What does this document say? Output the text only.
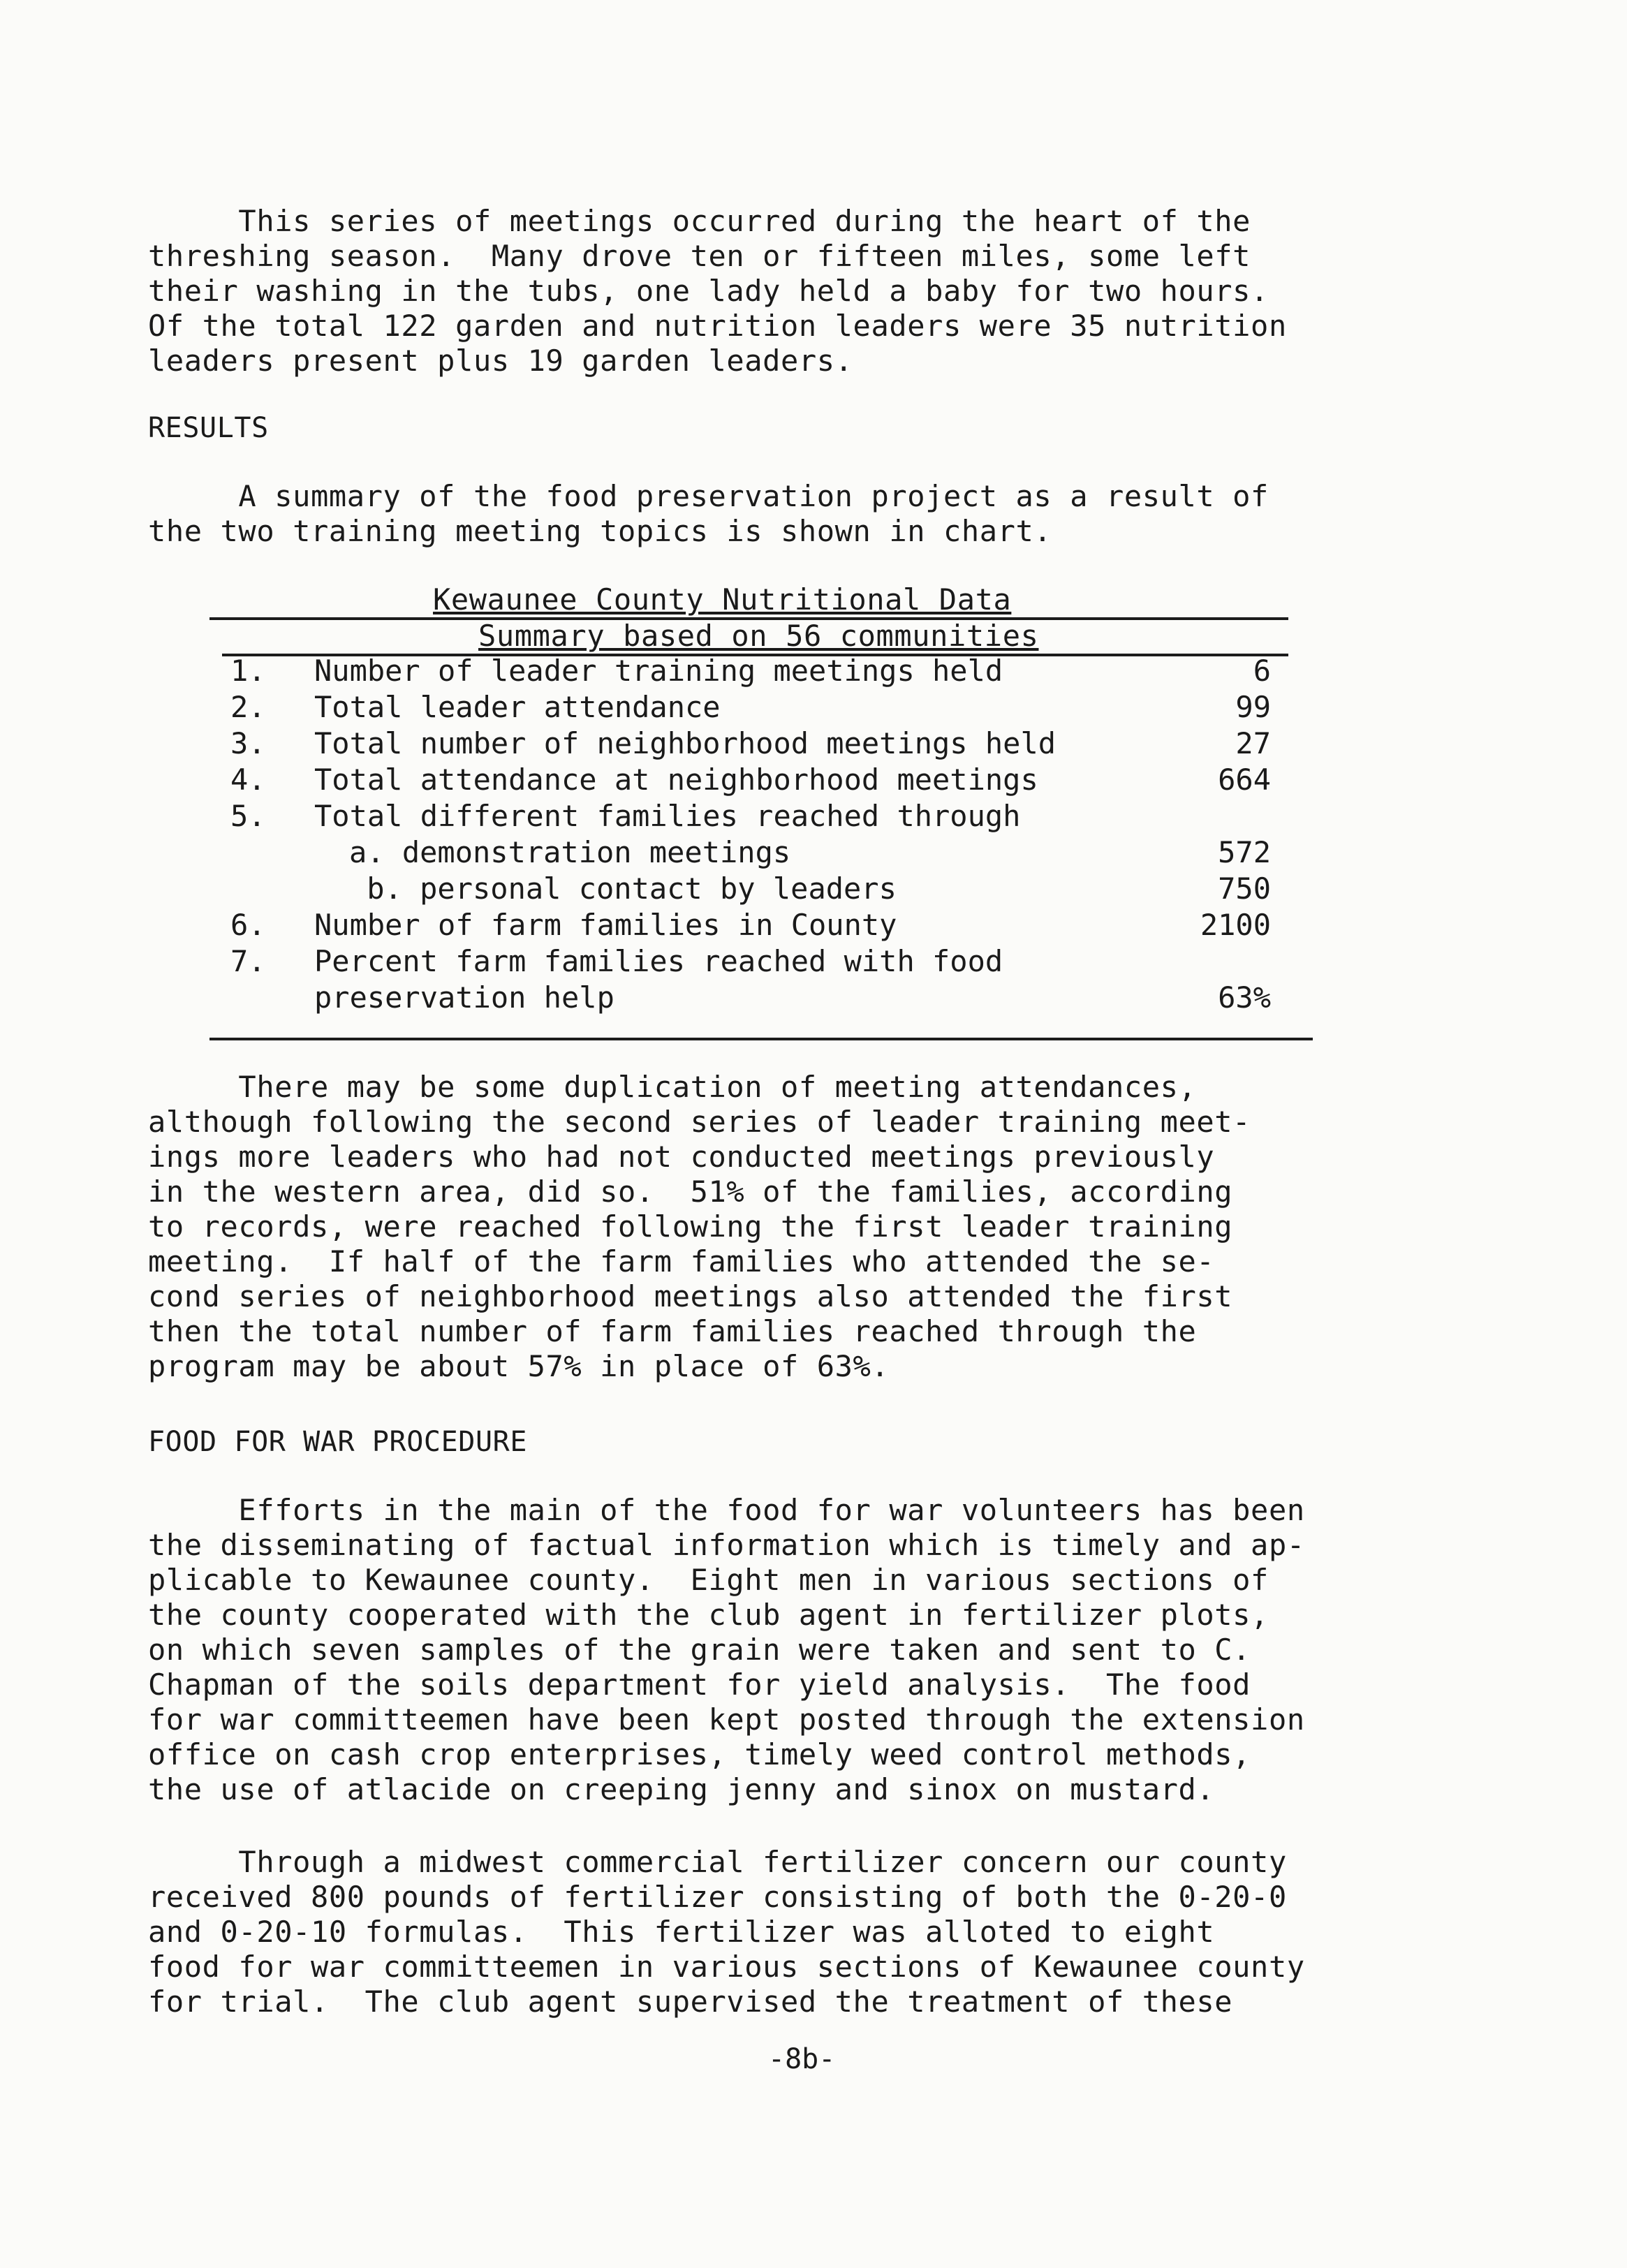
This series of meetings occurred during the heart of the
threshing season.  Many drove ten or fifteen miles, some left
their washing in the tubs, one lady held a baby for two hours.
Of the total 122 garden and nutrition leaders were 35 nutrition
leaders present plus 19 garden leaders.
RESULTS
A summary of the food preservation project as a result of
the two training meeting topics is shown in chart.
Kewaunee County Nutritional Data
Summary based on 56 communities
1. Number of leader training meetings held	6
2. Total leader attendance	99
3. Total number of neighborhood meetings held	27
4. Total attendance at neighborhood meetings	664
5. Total different families reached through
a. demonstration meetings	572
b. personal contact by leaders	750
6. Number of farm families in County	2100
7. Percent farm families reached with food
preservation help	63%
There may be some duplication of meeting attendances,
although following the second series of leader training meet-
ings more leaders who had not conducted meetings previously
in the western area, did so.  51% of the families, according
to records, were reached following the first leader training
meeting.  If half of the farm families who attended the se-
cond series of neighborhood meetings also attended the first
then the total number of farm families reached through the
program may be about 57% in place of 63%.
FOOD FOR WAR PROCEDURE
Efforts in the main of the food for war volunteers has been
the disseminating of factual information which is timely and ap-
plicable to Kewaunee county.  Eight men in various sections of
the county cooperated with the club agent in fertilizer plots,
on which seven samples of the grain were taken and sent to C.
Chapman of the soils department for yield analysis.  The food
for war committeemen have been kept posted through the extension
office on cash crop enterprises, timely weed control methods,
the use of atlacide on creeping jenny and sinox on mustard.
Through a midwest commercial fertilizer concern our county
received 800 pounds of fertilizer consisting of both the 0-20-0
and 0-20-10 formulas.  This fertilizer was alloted to eight
food for war committeemen in various sections of Kewaunee county
for trial.  The club agent supervised the treatment of these
-8b-
